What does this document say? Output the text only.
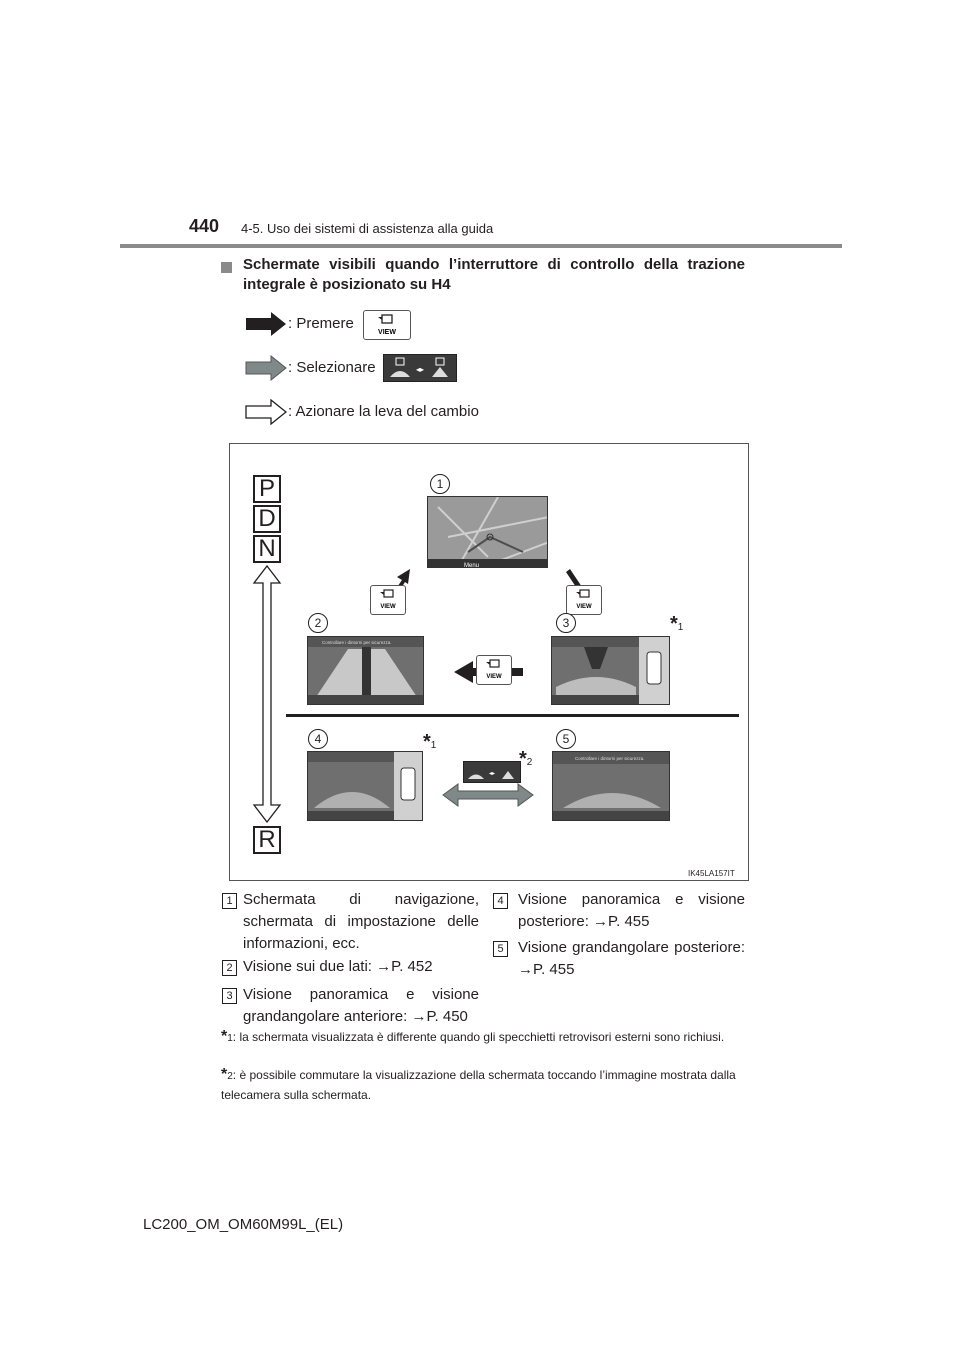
440 4-5. Uso dei sistemi di assistenza alla guida
Schermate visibili quando l’interruttore di controllo della trazione
integrale è posizionato su H4
: Premere
VIEW
: Selezionare	◂▸
: Azionare la leva del cambio
P
D
N
R
1
Menu
VIEW	VIEW
2
Controllare i dintorni per sicurezza.
VIEW
3	*1
4	*1
◂▸
*2
5
Controllare i dintorni per sicurezza.
IK45LA157IT
1 Schermata di navigazione, schermata di impostazione delle informazioni, ecc.
2 Visione sui due lati: →P. 452
3 Visione panoramica e visione grandangolare anteriore: →P. 450
4 Visione panoramica e visione posteriore: →P. 455
5 Visione grandangolare posteriore: →P. 455
*1: la schermata visualizzata è differente quando gli specchietti retrovisori esterni sono richiusi.
*2: è possibile commutare la visualizzazione della schermata toccando l’immagine mostrata dalla telecamera sulla schermata.
LC200_OM_OM60M99L_(EL)
